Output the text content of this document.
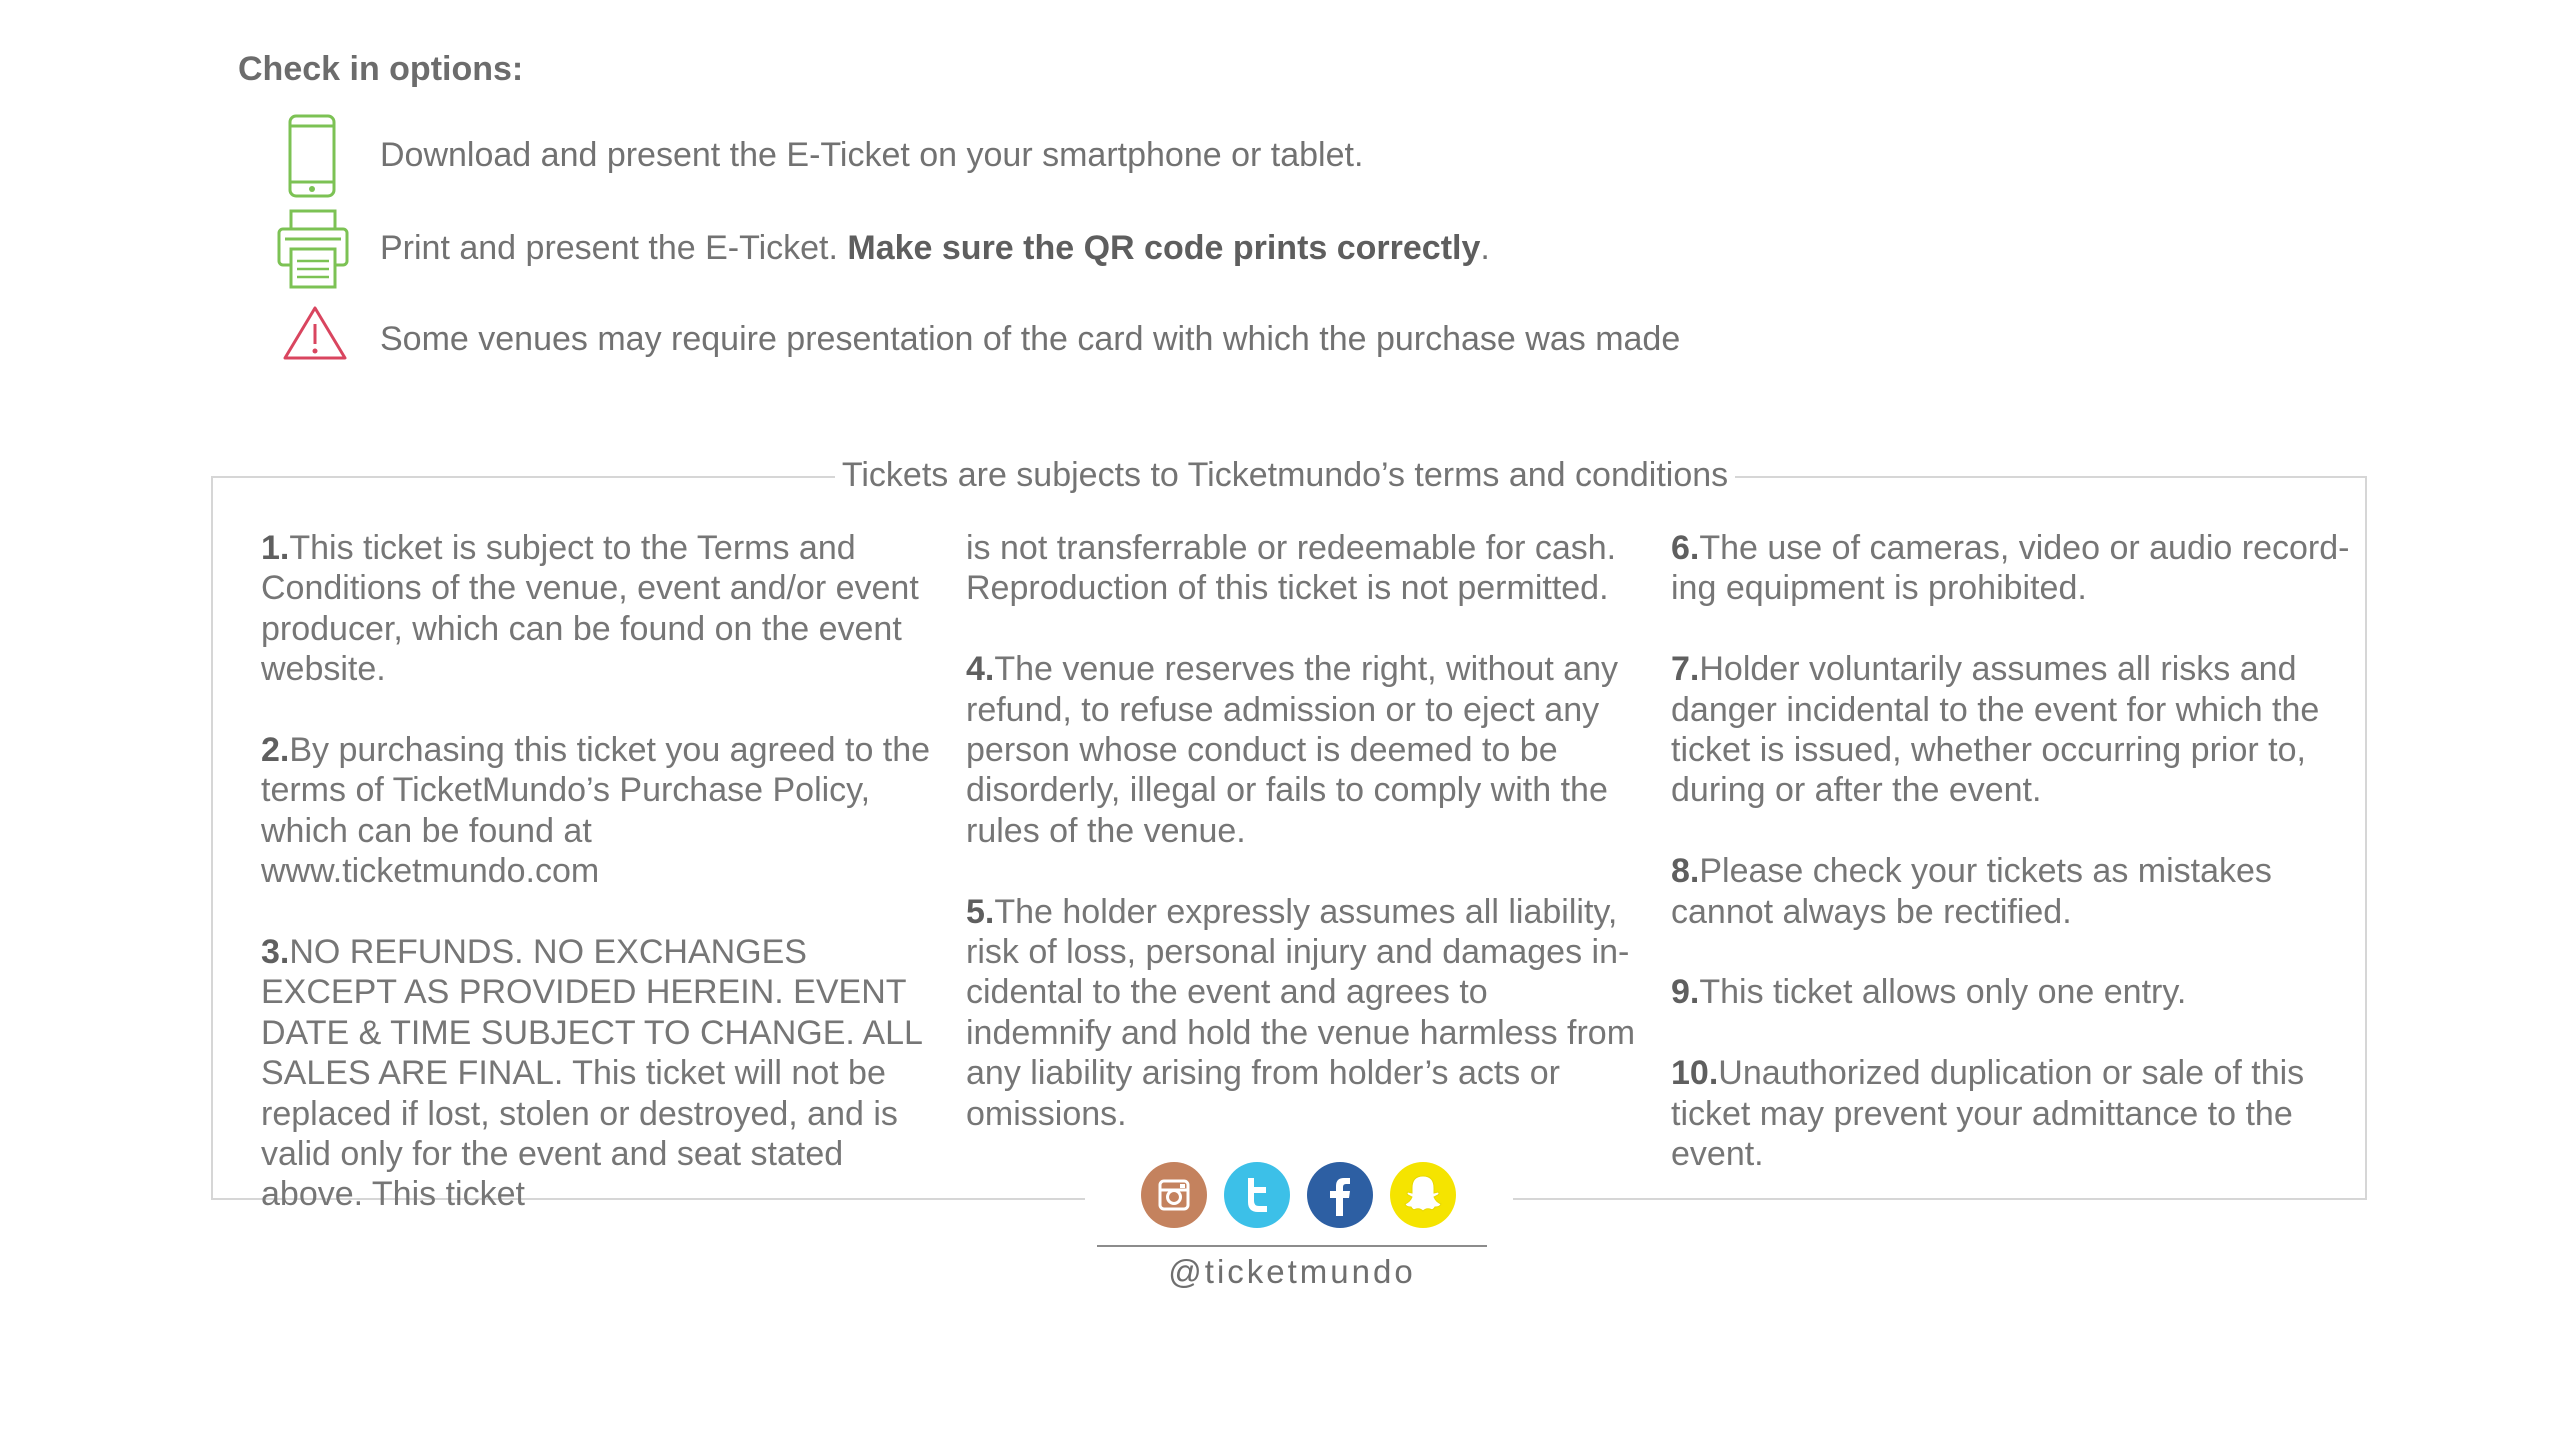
Check in options:
Download and present the E-Ticket on your smartphone or tablet.
Print and present the E-Ticket. Make sure the QR code prints correctly.
Some venues may require presentation of the card with which the purchase was made
Tickets are subjects to Ticketmundo’s terms and conditions

1.This ticket is subject to the Terms and Conditions of the venue, event and/or event producer, which can be found on the event website.

2.By purchasing this ticket you agreed to the terms of TicketMundo’s Purchase Policy, which can be found at www.ticketmundo.com

3.NO REFUNDS. NO EXCHANGES EXCEPT AS PROVIDED HEREIN. EVENT DATE & TIME SUBJECT TO CHANGE. ALL SALES ARE FINAL. This ticket will not be replaced if lost, stolen or destroyed, and is valid only for the event and seat stated above. This ticket

is not transferrable or redeemable for cash. Reproduction of this ticket is not permitted.

4.The venue reserves the right, without any refund, to refuse admission or to eject any person whose conduct is deemed to be disorderly, illegal or fails to comply with the rules of the venue.

5.The holder expressly assumes all liability, risk of loss, personal injury and damages in-cidental to the event and agrees to indemnify and hold the venue harmless from any liability arising from holder’s acts or omissions.

6.The use of cameras, video or audio record-ing equipment is prohibited.

7.Holder voluntarily assumes all risks and danger incidental to the event for which the ticket is issued, whether occurring prior to, during or after the event.

8.Please check your tickets as mistakes cannot always be rectified.

9.This ticket allows only one entry.

10.Unauthorized duplication or sale of this ticket may prevent your admittance to the event.

@ticketmundo
